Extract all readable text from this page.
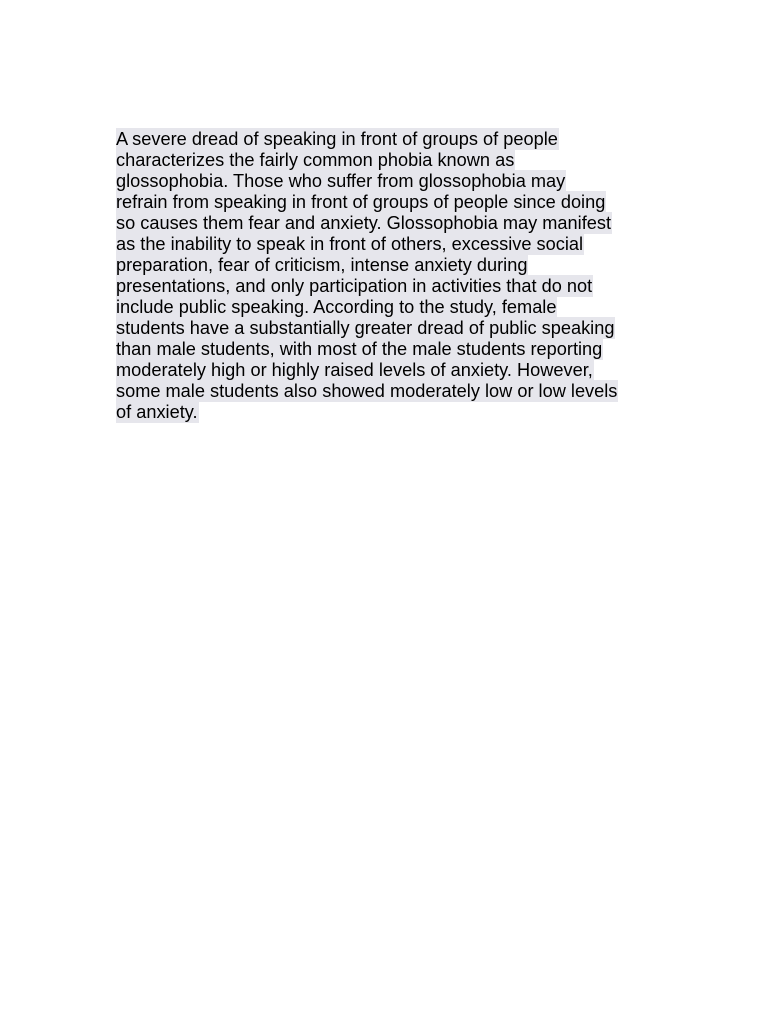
A severe dread of speaking in front of groups of people
characterizes the fairly common phobia known as
glossophobia. Those who suffer from glossophobia may
refrain from speaking in front of groups of people since doing
so causes them fear and anxiety. Glossophobia may manifest
as the inability to speak in front of others, excessive social
preparation, fear of criticism, intense anxiety during
presentations, and only participation in activities that do not
include public speaking. According to the study, female
students have a substantially greater dread of public speaking
than male students, with most of the male students reporting
moderately high or highly raised levels of anxiety. However,
some male students also showed moderately low or low levels
of anxiety.
